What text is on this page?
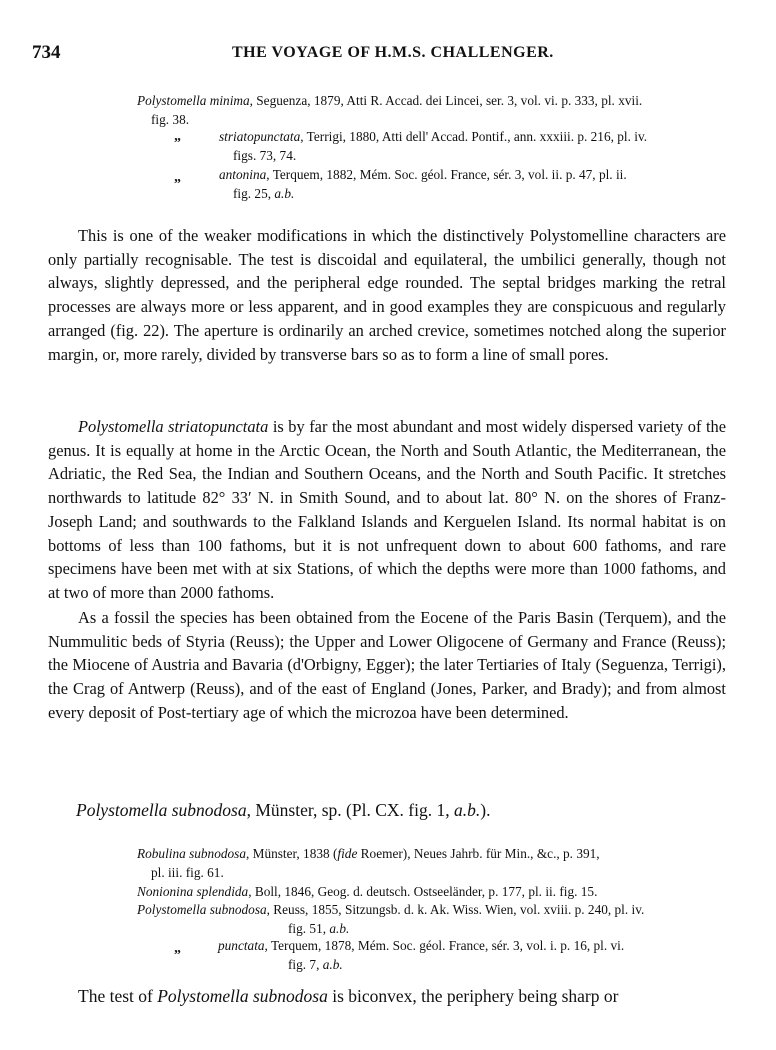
734	THE VOYAGE OF H.M.S. CHALLENGER.

Polystomella minima, Seguenza, 1879, Atti R. Accad. dei Lincei, ser. 3, vol. vi. p. 333, pl. xvii.
fig. 38.

„	striatopunctata, Terrigi, 1880, Atti dell' Accad. Pontif., ann. xxxiii. p. 216, pl. iv.
figs. 73, 74.

„	antonina, Terquem, 1882, Mém. Soc. géol. France, sér. 3, vol. ii. p. 47, pl. ii.
fig. 25, a.b.

This is one of the weaker modifications in which the distinctively Polystomelline characters are only partially recognisable. The test is discoidal and equilateral, the umbilici generally, though not always, slightly depressed, and the peripheral edge rounded. The septal bridges marking the retral processes are always more or less apparent, and in good examples they are conspicuous and regularly arranged (fig. 22). The aperture is ordinarily an arched crevice, sometimes notched along the superior margin, or, more rarely, divided by transverse bars so as to form a line of small pores.

Polystomella striatopunctata is by far the most abundant and most widely dispersed variety of the genus. It is equally at home in the Arctic Ocean, the North and South Atlantic, the Mediterranean, the Adriatic, the Red Sea, the Indian and Southern Oceans, and the North and South Pacific. It stretches northwards to latitude 82° 33′ N. in Smith Sound, and to about lat. 80° N. on the shores of Franz-Joseph Land; and southwards to the Falkland Islands and Kerguelen Island. Its normal habitat is on bottoms of less than 100 fathoms, but it is not unfrequent down to about 600 fathoms, and rare specimens have been met with at six Stations, of which the depths were more than 1000 fathoms, and at two of more than 2000 fathoms.

As a fossil the species has been obtained from the Eocene of the Paris Basin (Terquem), and the Nummulitic beds of Styria (Reuss); the Upper and Lower Oligocene of Germany and France (Reuss); the Miocene of Austria and Bavaria (d'Orbigny, Egger); the later Tertiaries of Italy (Seguenza, Terrigi), the Crag of Antwerp (Reuss), and of the east of England (Jones, Parker, and Brady); and from almost every deposit of Post-tertiary age of which the microzoa have been determined.

Polystomella subnodosa, Münster, sp. (Pl. CX. fig. 1, a.b.).

Robulina subnodosa, Münster, 1838 (fide Roemer), Neues Jahrb. für Min., &c., p. 391,
pl. iii. fig. 61.

Nonionina splendida, Boll, 1846, Geog. d. deutsch. Ostseeländer, p. 177, pl. ii. fig. 15.

Polystomella subnodosa, Reuss, 1855, Sitzungsb. d. k. Ak. Wiss. Wien, vol. xviii. p. 240, pl. iv.
fig. 51, a.b.

„	punctata, Terquem, 1878, Mém. Soc. géol. France, sér. 3, vol. i. p. 16, pl. vi.
fig. 7, a.b.

The test of Polystomella subnodosa is biconvex, the periphery being sharp or
